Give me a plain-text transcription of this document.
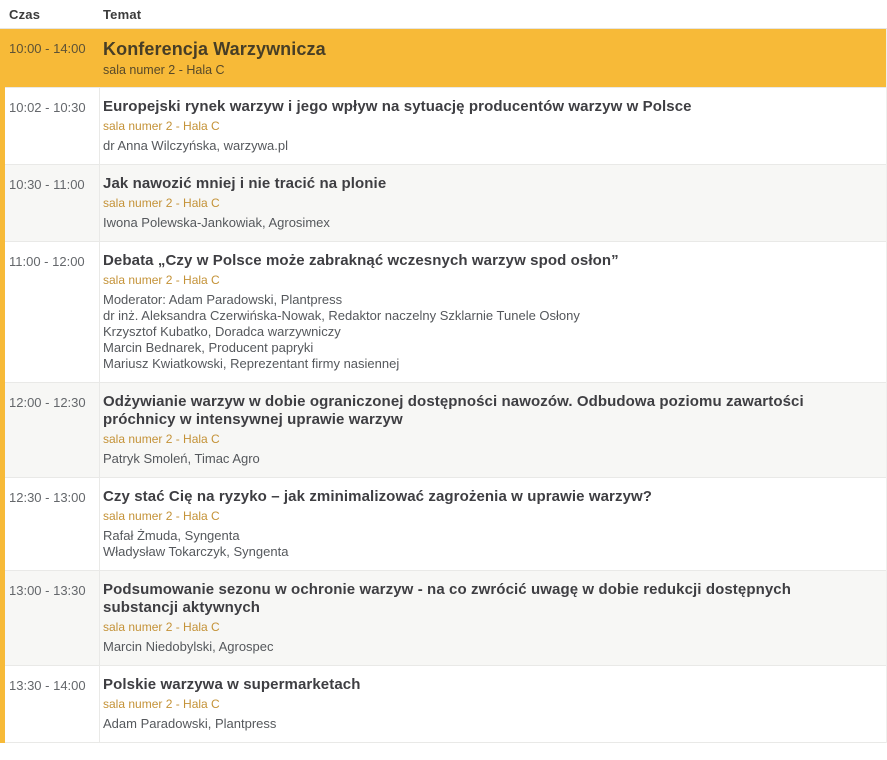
Czas	Temat
10:00 - 14:00 Konferencja Warzywnicza
sala numer 2 - Hala C
10:02 - 10:30	Europejski rynek warzyw i jego wpływ na sytuację producentów warzyw w Polsce
sala numer 2 - Hala C
dr Anna Wilczyńska, warzywa.pl
10:30 - 11:00	Jak nawozić mniej i nie tracić na plonie
sala numer 2 - Hala C
Iwona Polewska-Jankowiak, Agrosimex
11:00 - 12:00	Debata „Czy w Polsce może zabraknąć wczesnych warzyw spod osłon”
sala numer 2 - Hala C
Moderator: Adam Paradowski, Plantpress
dr inż. Aleksandra Czerwińska-Nowak, Redaktor naczelny Szklarnie Tunele Osłony
Krzysztof Kubatko, Doradca warzywniczy
Marcin Bednarek, Producent papryki
Mariusz Kwiatkowski, Reprezentant firmy nasiennej
12:00 - 12:30	Odżywianie warzyw w dobie ograniczonej dostępności nawozów. Odbudowa poziomu zawartości próchnicy w intensywnej uprawie warzyw
sala numer 2 - Hala C
Patryk Smoleń, Timac Agro
12:30 - 13:00	Czy stać Cię na ryzyko – jak zminimalizować zagrożenia w uprawie warzyw?
sala numer 2 - Hala C
Rafał Żmuda, Syngenta
Władysław Tokarczyk, Syngenta
13:00 - 13:30	Podsumowanie sezonu w ochronie warzyw - na co zwrócić uwagę w dobie redukcji dostępnych substancji aktywnych
sala numer 2 - Hala C
Marcin Niedobylski, Agrospec
13:30 - 14:00	Polskie warzywa w supermarketach
sala numer 2 - Hala C
Adam Paradowski, Plantpress
